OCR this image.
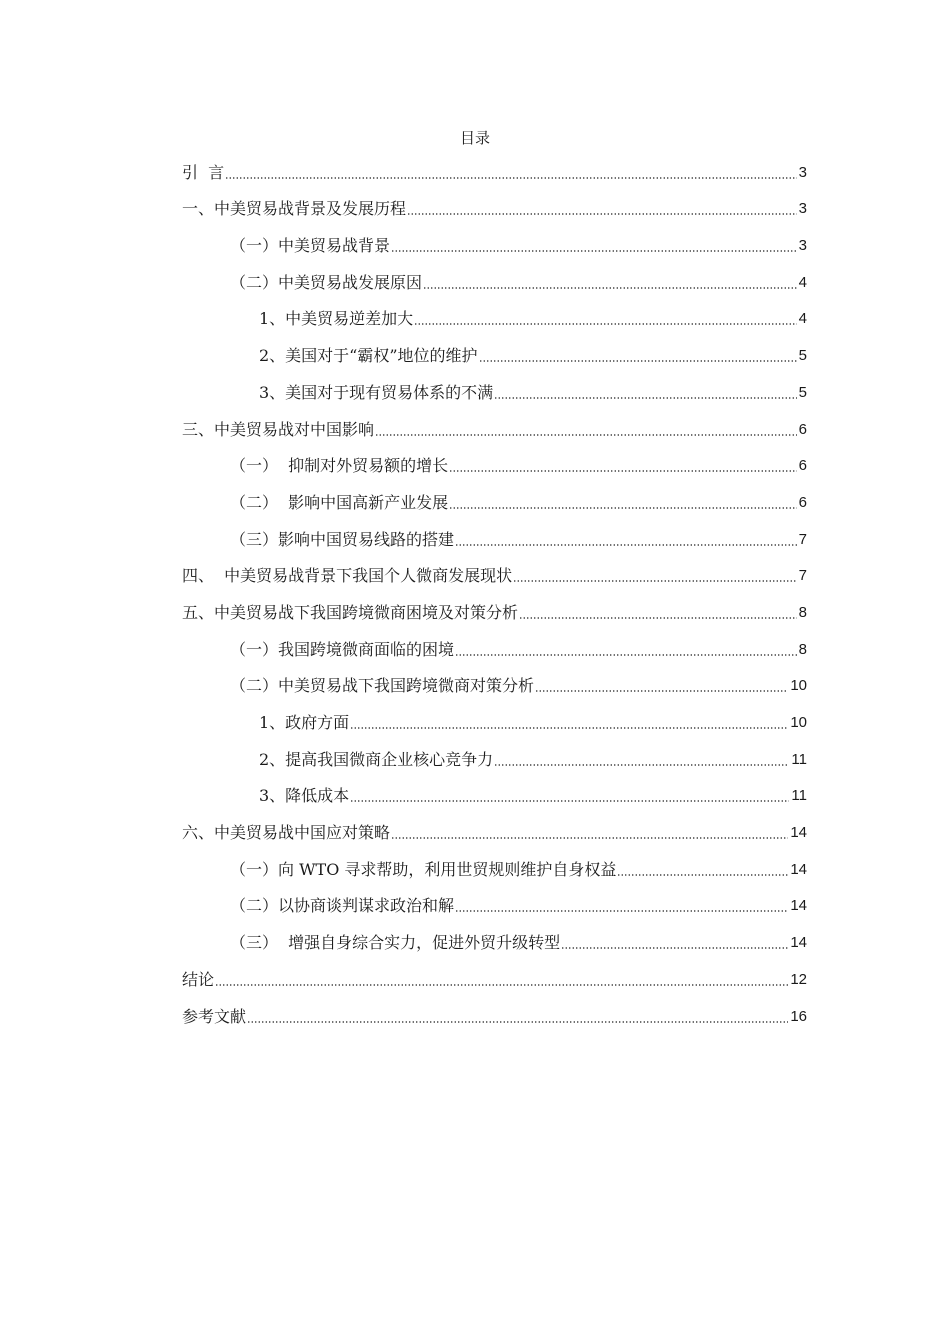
目录
引  言	3
一、中美贸易战背景及发展历程	3
（一）中美贸易战背景	3
（二）中美贸易战发展原因	4
1、中美贸易逆差加大	4
2、美国对于“霸权”地位的维护	5
3、美国对于现有贸易体系的不满	5
三、中美贸易战对中国影响	6
（一）  抑制对外贸易额的增长	6
（二）  影响中国高新产业发展	6
（三）影响中国贸易线路的搭建	7
四、  中美贸易战背景下我国个人微商发展现状	7
五、中美贸易战下我国跨境微商困境及对策分析	8
（一）我国跨境微商面临的困境	8
（二）中美贸易战下我国跨境微商对策分析	10
1、政府方面	10
2、提高我国微商企业核心竞争力	11
3、降低成本	11
六、中美贸易战中国应对策略	14
（一）向 WTO 寻求帮助，利用世贸规则维护自身权益	14
（二）以协商谈判谋求政治和解	14
（三）  增强自身综合实力，促进外贸升级转型	14
结论	12
参考文献	16
